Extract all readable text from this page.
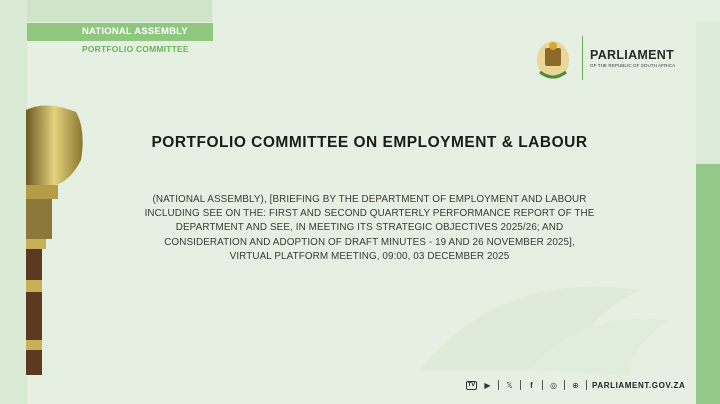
NATIONAL ASSEMBLY
PORTFOLIO COMMITTEE	PARLIAMENT
OF THE REPUBLIC OF SOUTH AFRICA
PORTFOLIO COMMITTEE ON EMPLOYMENT & LABOUR
(NATIONAL ASSEMBLY), [BRIEFING BY THE DEPARTMENT OF EMPLOYMENT AND LABOUR
INCLUDING SEE ON THE: FIRST AND SECOND QUARTERLY PERFORMANCE REPORT OF THE
DEPARTMENT AND SEE, IN MEETING ITS STRATEGIC OBJECTIVES 2025/26; AND
CONSIDERATION AND ADOPTION OF DRAFT MINUTES - 19 AND 26 NOVEMBER 2025],
VIRTUAL PLATFORM MEETING, 09:00, 03 DECEMBER 2025
TV	▶	𝕏	f	◎ ⊕ PARLIAMENT.GOV.ZA
